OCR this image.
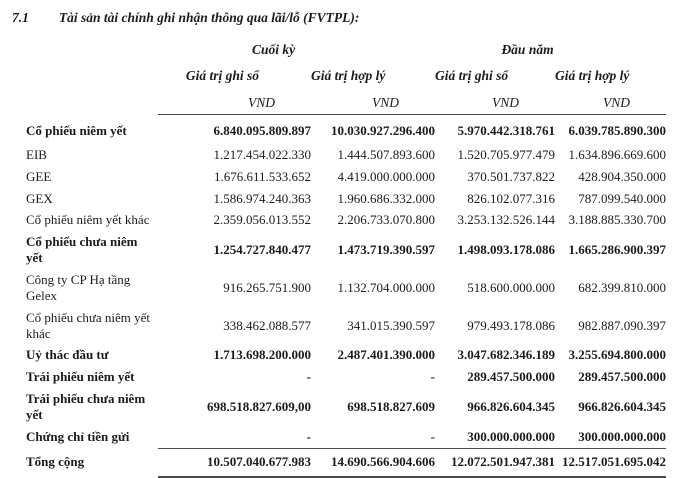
7.1 Tài sản tài chính ghi nhận thông qua lãi/lỗ (FVTPL):
	Cuối kỳ		Đầu năm	
	Giá trị ghi sổ	Giá trị hợp lý	Giá trị ghi sổ	Giá trị hợp lý
	VND	VND	VND	VND
Cổ phiếu niêm yết	6.840.095.809.897	10.030.927.296.400	5.970.442.318.761	6.039.785.890.300
EIB	1.217.454.022.330	1.444.507.893.600	1.520.705.977.479	1.634.896.669.600
GEE	1.676.611.533.652	4.419.000.000.000	370.501.737.822	428.904.350.000
GEX	1.586.974.240.363	1.960.686.332.000	826.102.077.316	787.099.540.000
Cổ phiếu niêm yết khác	2.359.056.013.552	2.206.733.070.800	3.253.132.526.144	3.188.885.330.700
Cổ phiếu chưa niêm yết	1.254.727.840.477	1.473.719.390.597	1.498.093.178.086	1.665.286.900.397
Công ty CP Hạ tầng Gelex	916.265.751.900	1.132.704.000.000	518.600.000.000	682.399.810.000
Cổ phiếu chưa niêm yết khác	338.462.088.577	341.015.390.597	979.493.178.086	982.887.090.397
Uỷ thác đầu tư	1.713.698.200.000	2.487.401.390.000	3.047.682.346.189	3.255.694.800.000
Trái phiếu niêm yết	-	-	289.457.500.000	289.457.500.000
Trái phiếu chưa niêm yết	698.518.827.609,00	698.518.827.609	966.826.604.345	966.826.604.345
Chứng chỉ tiền gửi	-	-	300.000.000.000	300.000.000.000
Tổng cộng	10.507.040.677.983	14.690.566.904.606	12.072.501.947.381	12.517.051.695.042
